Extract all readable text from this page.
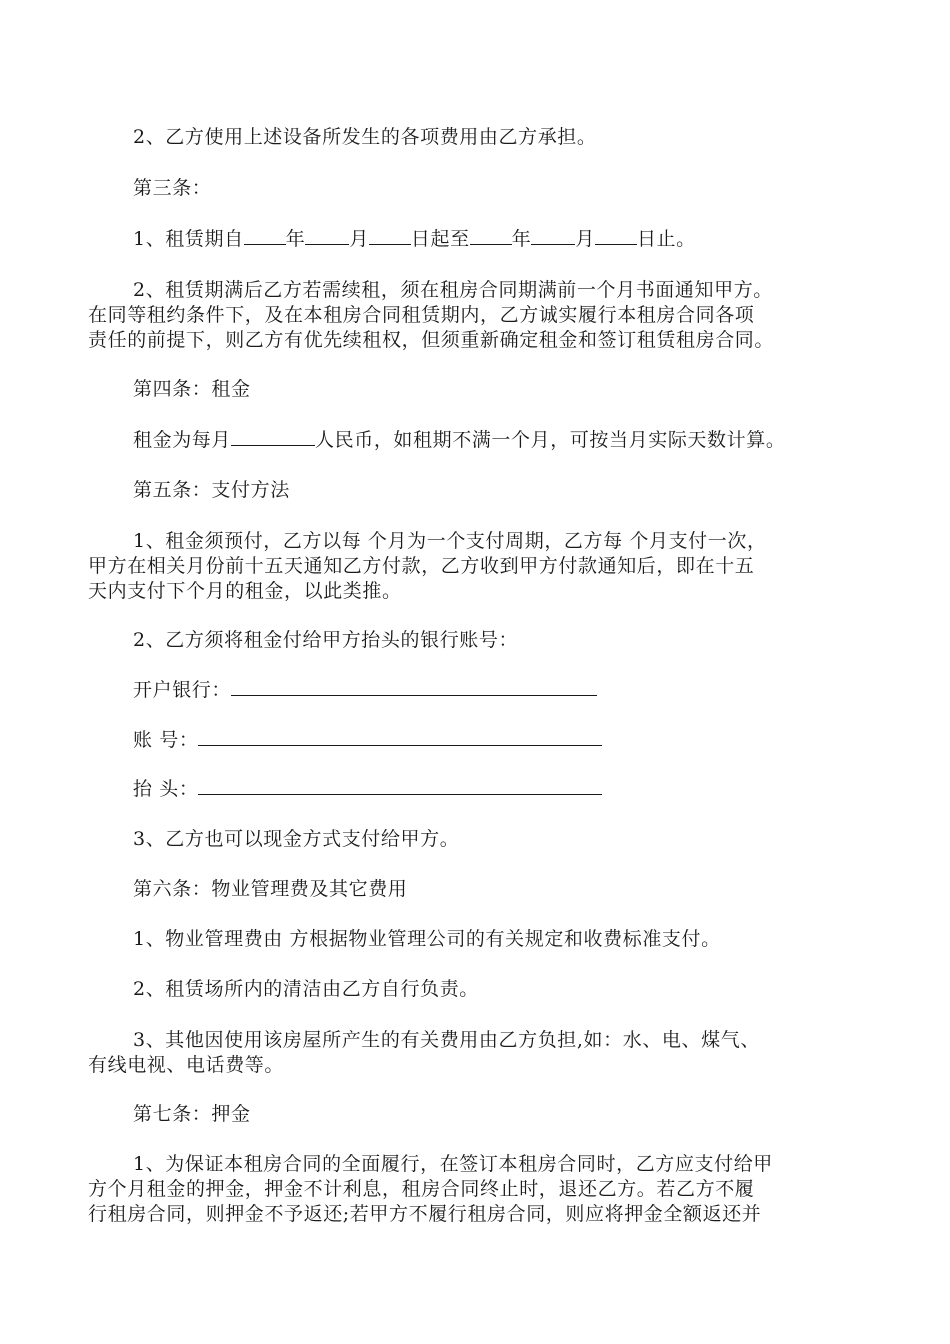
2、乙方使用上述设备所发生的各项费用由乙方承担。
第三条：
1、租赁期自 年 月 日起至 年 月 日止。
2、租赁期满后乙方若需续租，须在租房合同期满前一个月书面通知甲方。
在同等租约条件下，及在本租房合同租赁期内，乙方诚实履行本租房合同各项
责任的前提下，则乙方有优先续租权，但须重新确定租金和签订租赁租房合同。
第四条：租金
租金为每月	人民币，如租期不满一个月，可按当月实际天数计算。
第五条：支付方法
1、租金须预付，乙方以每 个月为一个支付周期，乙方每 个月支付一次，
甲方在相关月份前十五天通知乙方付款，乙方收到甲方付款通知后，即在十五
天内支付下个月的租金，以此类推。
2、乙方须将租金付给甲方抬头的银行账号：
开户银行：
账 号：
抬 头：
3、乙方也可以现金方式支付给甲方。
第六条：物业管理费及其它费用
1、物业管理费由 方根据物业管理公司的有关规定和收费标准支付。
2、租赁场所内的清洁由乙方自行负责。
3、其他因使用该房屋所产生的有关费用由乙方负担,如：水、电、煤气、
有线电视、电话费等。
第七条：押金
1、为保证本租房合同的全面履行，在签订本租房合同时，乙方应支付给甲
方个月租金的押金，押金不计利息，租房合同终止时，退还乙方。若乙方不履
行租房合同，则押金不予返还;若甲方不履行租房合同，则应将押金全额返还并
